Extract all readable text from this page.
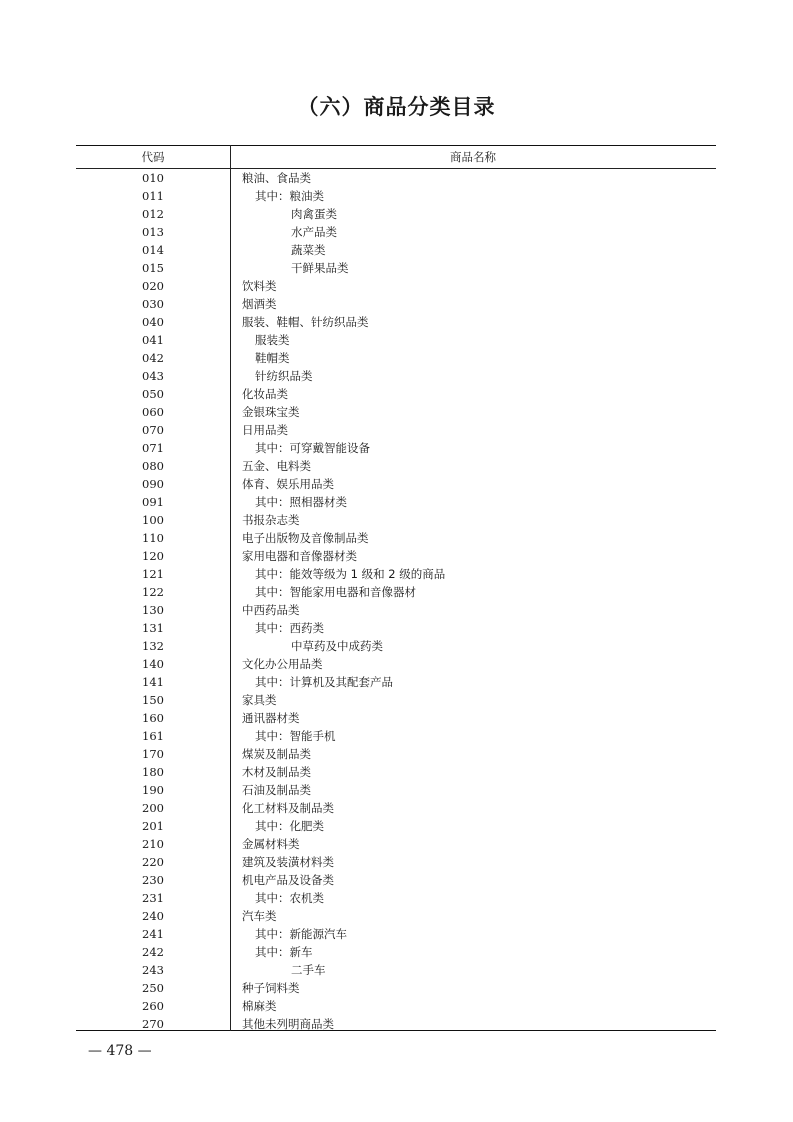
（六）商品分类目录
代码	商品名称
010	粮油、食品类
011	其中：粮油类
012	肉禽蛋类
013	水产品类
014	蔬菜类
015	干鲜果品类
020	饮料类
030	烟酒类
040	服装、鞋帽、针纺织品类
041	服装类
042	鞋帽类
043	针纺织品类
050	化妆品类
060	金银珠宝类
070	日用品类
071	其中：可穿戴智能设备
080	五金、电料类
090	体育、娱乐用品类
091	其中：照相器材类
100	书报杂志类
110	电子出版物及音像制品类
120	家用电器和音像器材类
121	其中：能效等级为 1 级和 2 级的商品
122	其中：智能家用电器和音像器材
130	中西药品类
131	其中：西药类
132	中草药及中成药类
140	文化办公用品类
141	其中：计算机及其配套产品
150	家具类
160	通讯器材类
161	其中：智能手机
170	煤炭及制品类
180	木材及制品类
190	石油及制品类
200	化工材料及制品类
201	其中：化肥类
210	金属材料类
220	建筑及装潢材料类
230	机电产品及设备类
231	其中：农机类
240	汽车类
241	其中：新能源汽车
242	其中：新车
243	二手车
250	种子饲料类
260	棉麻类
270	其他未列明商品类
— 478 —
